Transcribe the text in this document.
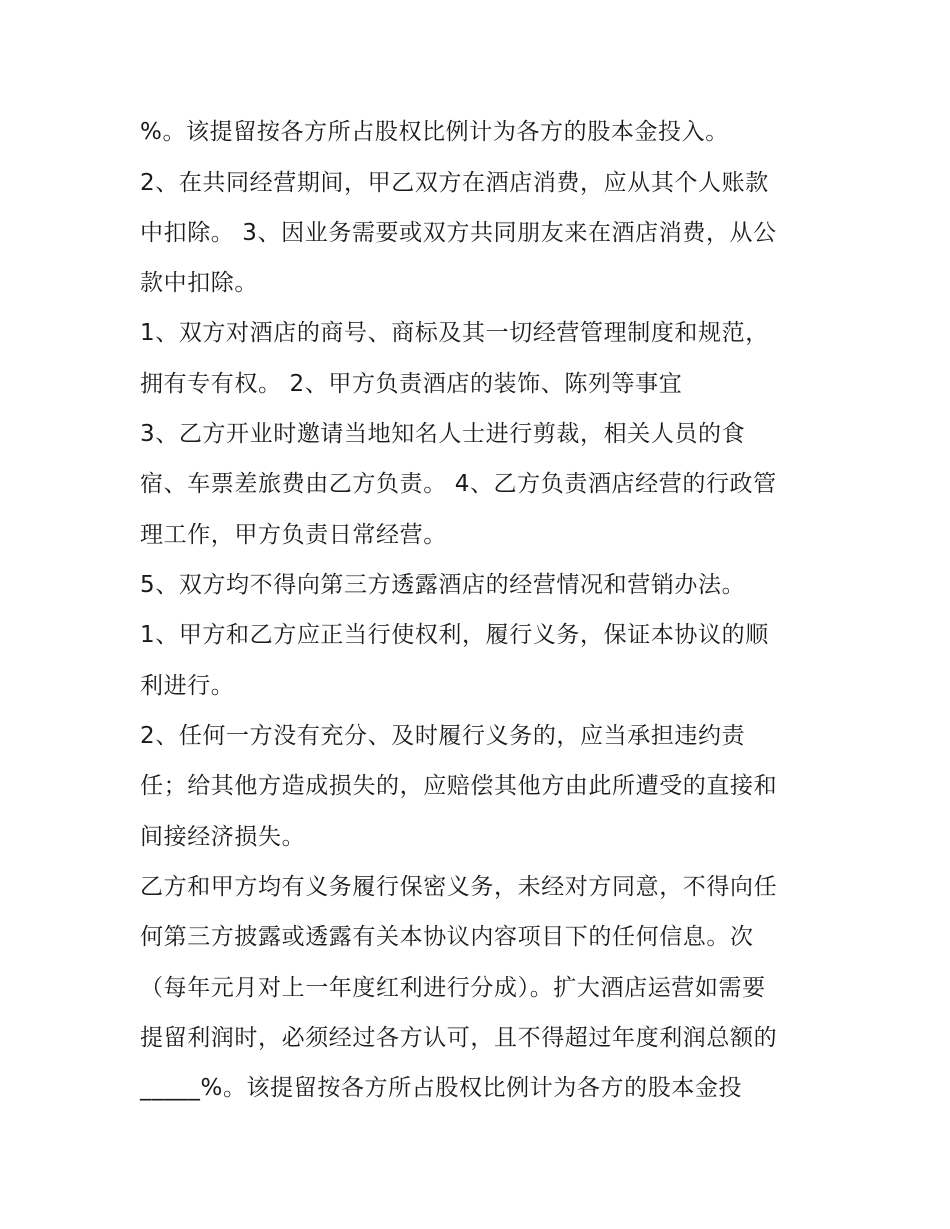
%。该提留按各方所占股权比例计为各方的股本金投入。
2、在共同经营期间，甲乙双方在酒店消费，应从其个人账款
中扣除。 3、因业务需要或双方共同朋友来在酒店消费，从公
款中扣除。
1、双方对酒店的商号、商标及其一切经营管理制度和规范，
拥有专有权。 2、甲方负责酒店的装饰、陈列等事宜
3、乙方开业时邀请当地知名人士进行剪裁，相关人员的食
宿、车票差旅费由乙方负责。 4、乙方负责酒店经营的行政管
理工作，甲方负责日常经营。
5、双方均不得向第三方透露酒店的经营情况和营销办法。
1、甲方和乙方应正当行使权利，履行义务，保证本协议的顺
利进行。
2、任何一方没有充分、及时履行义务的，应当承担违约责
任；给其他方造成损失的，应赔偿其他方由此所遭受的直接和
间接经济损失。
乙方和甲方均有义务履行保密义务，未经对方同意，不得向任
何第三方披露或透露有关本协议内容项目下的任何信息。次
（每年元月对上一年度红利进行分成）。扩大酒店运营如需要
提留利润时，必须经过各方认可，且不得超过年度利润总额的
_____%。该提留按各方所占股权比例计为各方的股本金投
